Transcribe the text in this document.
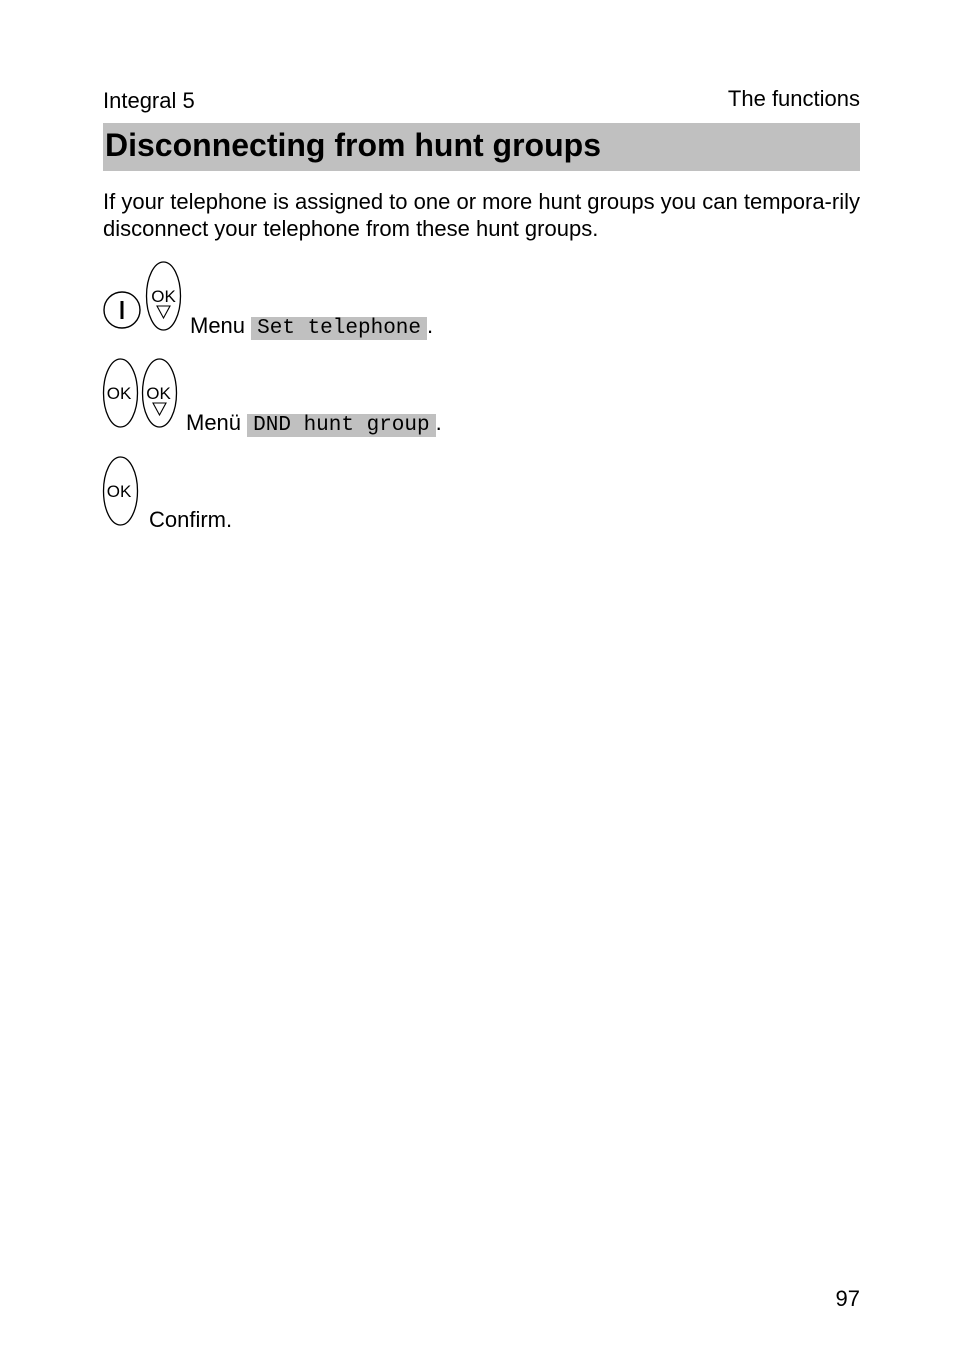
Integral 5	The functions
Disconnecting from hunt groups
If your telephone is assigned to one or more hunt groups you can tempora-rily disconnect your telephone from these hunt groups.
OK
Menu Set telephone .
OK OK
Menü DND hunt group .
OK
Confirm.
97
